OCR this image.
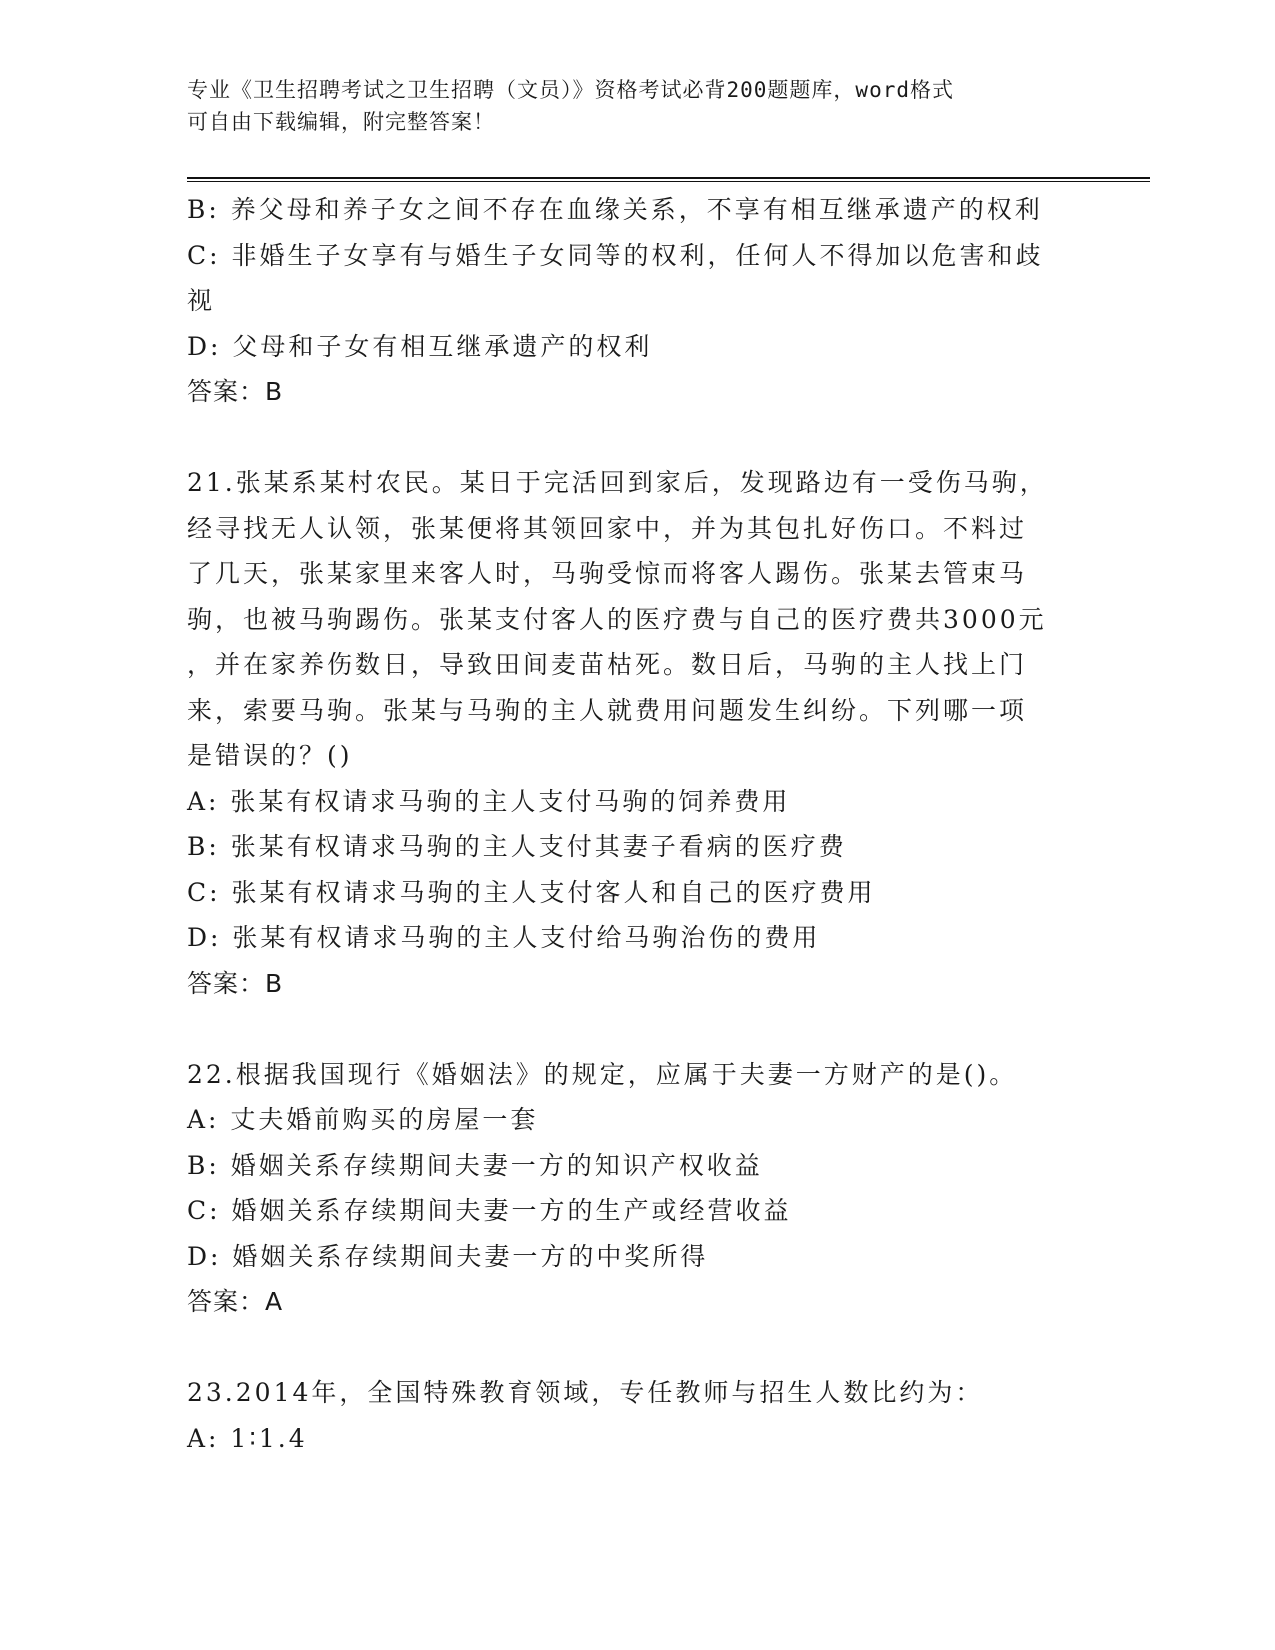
专业《卫生招聘考试之卫生招聘（文员）》资格考试必背200题题库，word格式
可自由下载编辑，附完整答案！

B: 养父母和养子女之间不存在血缘关系，不享有相互继承遗产的权利

C: 非婚生子女享有与婚生子女同等的权利，任何人不得加以危害和歧

视

D: 父母和子女有相互继承遗产的权利

答案：B

21.张某系某村农民。某日于完活回到家后，发现路边有一受伤马驹，

经寻找无人认领，张某便将其领回家中，并为其包扎好伤口。不料过

了几天，张某家里来客人时，马驹受惊而将客人踢伤。张某去管束马

驹，也被马驹踢伤。张某支付客人的医疗费与自己的医疗费共3000元

，并在家养伤数日，导致田间麦苗枯死。数日后，马驹的主人找上门

来，索要马驹。张某与马驹的主人就费用问题发生纠纷。下列哪一项

是错误的？()

A: 张某有权请求马驹的主人支付马驹的饲养费用

B: 张某有权请求马驹的主人支付其妻子看病的医疗费

C: 张某有权请求马驹的主人支付客人和自己的医疗费用

D: 张某有权请求马驹的主人支付给马驹治伤的费用

答案：B

22.根据我国现行《婚姻法》的规定，应属于夫妻一方财产的是()。

A: 丈夫婚前购买的房屋一套

B: 婚姻关系存续期间夫妻一方的知识产权收益

C: 婚姻关系存续期间夫妻一方的生产或经营收益

D: 婚姻关系存续期间夫妻一方的中奖所得

答案：A

23.2014年，全国特殊教育领域，专任教师与招生人数比约为：

A: 1∶1.4
